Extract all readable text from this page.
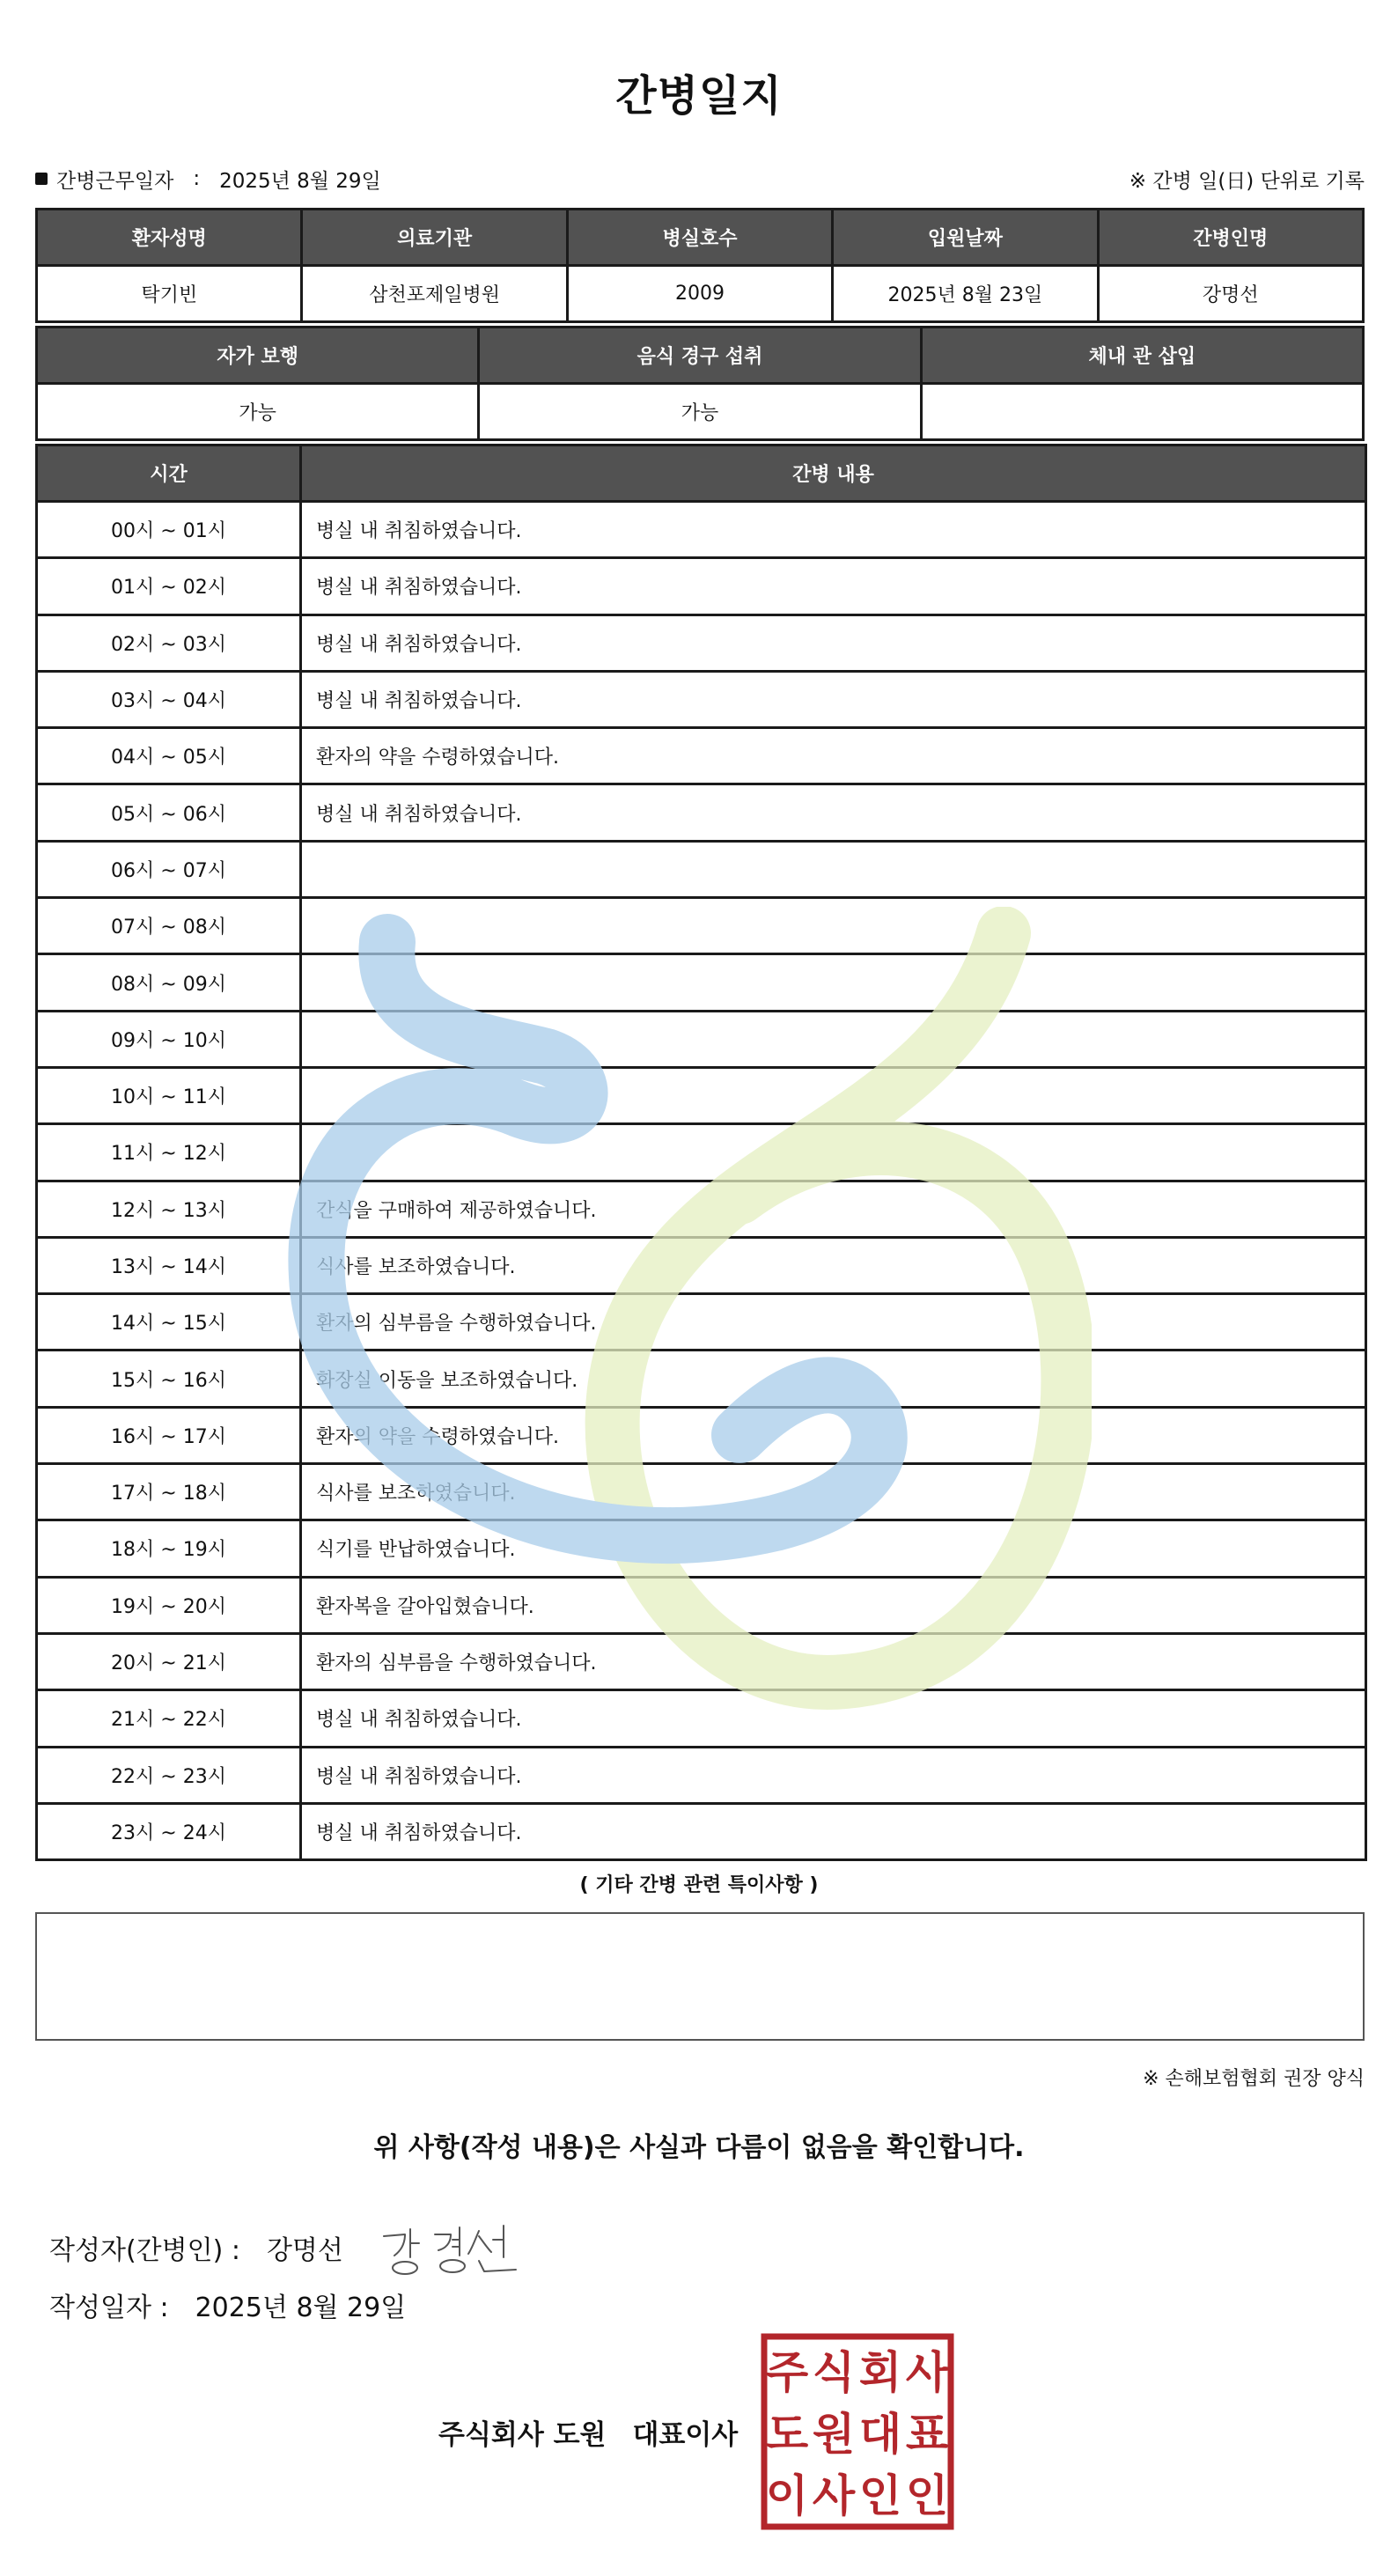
간병일지
간병근무일자 : 2025년 8월 29일	※ 간병 일(日) 단위로 기록
환자성명	의료기관	병실호수	입원날짜	간병인명
탁기빈	삼천포제일병원	2009	2025년 8월 23일	강명선
자가 보행	음식 경구 섭취	체내 관 삽입
가능	가능	
시간	간병 내용
00시 ~ 01시	병실 내 취침하였습니다.
01시 ~ 02시	병실 내 취침하였습니다.
02시 ~ 03시	병실 내 취침하였습니다.
03시 ~ 04시	병실 내 취침하였습니다.
04시 ~ 05시	환자의 약을 수령하였습니다.
05시 ~ 06시	병실 내 취침하였습니다.
06시 ~ 07시	
07시 ~ 08시	
08시 ~ 09시	
09시 ~ 10시	
10시 ~ 11시	
11시 ~ 12시	
12시 ~ 13시	간식을 구매하여 제공하였습니다.
13시 ~ 14시	식사를 보조하였습니다.
14시 ~ 15시	환자의 심부름을 수행하였습니다.
15시 ~ 16시	화장실 이동을 보조하였습니다.
16시 ~ 17시	환자의 약을 수령하였습니다.
17시 ~ 18시	식사를 보조하였습니다.
18시 ~ 19시	식기를 반납하였습니다.
19시 ~ 20시	환자복을 갈아입혔습니다.
20시 ~ 21시	환자의 심부름을 수행하였습니다.
21시 ~ 22시	병실 내 취침하였습니다.
22시 ~ 23시	병실 내 취침하였습니다.
23시 ~ 24시	병실 내 취침하였습니다.
( 기타 간병 관련 특이사항 )
※ 손해보험협회 권장 양식
위 사항(작성 내용)은 사실과 다름이 없음을 확인합니다.
작성자(간병인) : 강명선
작성일자 : 2025년 8월 29일
주식회사 도원 대표이사
주 식 회 사
도 원 대 표
이 사 인 인
